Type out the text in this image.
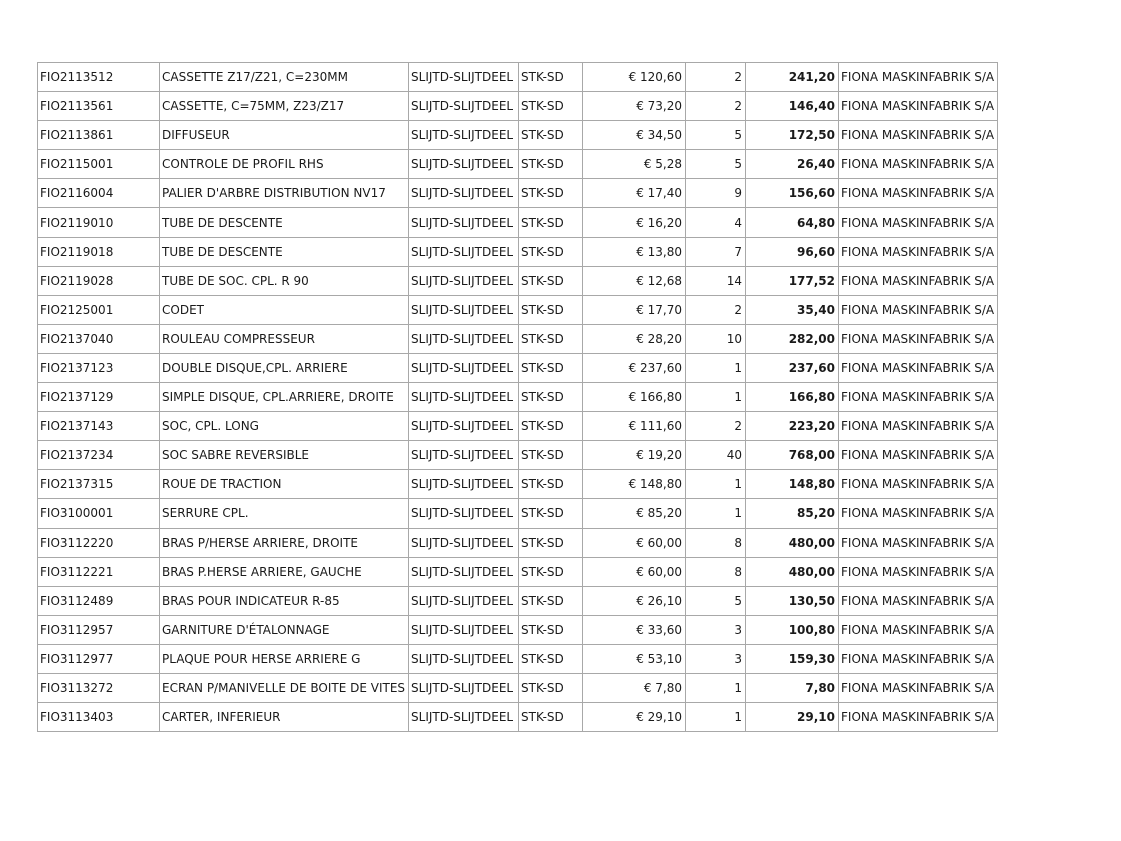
FIO2113512	CASSETTE Z17/Z21, C=230MM	SLIJTD-SLIJTDEEL	STK-SD	€ 120,60	2	241,20	FIONA MASKINFABRIK S/A
FIO2113561	CASSETTE, C=75MM, Z23/Z17	SLIJTD-SLIJTDEEL	STK-SD	€ 73,20	2	146,40	FIONA MASKINFABRIK S/A
FIO2113861	DIFFUSEUR	SLIJTD-SLIJTDEEL	STK-SD	€ 34,50	5	172,50	FIONA MASKINFABRIK S/A
FIO2115001	CONTROLE DE PROFIL RHS	SLIJTD-SLIJTDEEL	STK-SD	€ 5,28	5	26,40	FIONA MASKINFABRIK S/A
FIO2116004	PALIER D'ARBRE DISTRIBUTION NV17	SLIJTD-SLIJTDEEL	STK-SD	€ 17,40	9	156,60	FIONA MASKINFABRIK S/A
FIO2119010	TUBE DE DESCENTE	SLIJTD-SLIJTDEEL	STK-SD	€ 16,20	4	64,80	FIONA MASKINFABRIK S/A
FIO2119018	TUBE DE DESCENTE	SLIJTD-SLIJTDEEL	STK-SD	€ 13,80	7	96,60	FIONA MASKINFABRIK S/A
FIO2119028	TUBE DE SOC. CPL. R 90	SLIJTD-SLIJTDEEL	STK-SD	€ 12,68	14	177,52	FIONA MASKINFABRIK S/A
FIO2125001	CODET	SLIJTD-SLIJTDEEL	STK-SD	€ 17,70	2	35,40	FIONA MASKINFABRIK S/A
FIO2137040	ROULEAU COMPRESSEUR	SLIJTD-SLIJTDEEL	STK-SD	€ 28,20	10	282,00	FIONA MASKINFABRIK S/A
FIO2137123	DOUBLE DISQUE,CPL. ARRIERE	SLIJTD-SLIJTDEEL	STK-SD	€ 237,60	1	237,60	FIONA MASKINFABRIK S/A
FIO2137129	SIMPLE DISQUE, CPL.ARRIERE, DROITE	SLIJTD-SLIJTDEEL	STK-SD	€ 166,80	1	166,80	FIONA MASKINFABRIK S/A
FIO2137143	SOC, CPL. LONG	SLIJTD-SLIJTDEEL	STK-SD	€ 111,60	2	223,20	FIONA MASKINFABRIK S/A
FIO2137234	SOC SABRE REVERSIBLE	SLIJTD-SLIJTDEEL	STK-SD	€ 19,20	40	768,00	FIONA MASKINFABRIK S/A
FIO2137315	ROUE DE TRACTION	SLIJTD-SLIJTDEEL	STK-SD	€ 148,80	1	148,80	FIONA MASKINFABRIK S/A
FIO3100001	SERRURE CPL.	SLIJTD-SLIJTDEEL	STK-SD	€ 85,20	1	85,20	FIONA MASKINFABRIK S/A
FIO3112220	BRAS P/HERSE ARRIERE, DROITE	SLIJTD-SLIJTDEEL	STK-SD	€ 60,00	8	480,00	FIONA MASKINFABRIK S/A
FIO3112221	BRAS P.HERSE ARRIERE, GAUCHE	SLIJTD-SLIJTDEEL	STK-SD	€ 60,00	8	480,00	FIONA MASKINFABRIK S/A
FIO3112489	BRAS POUR INDICATEUR R-85	SLIJTD-SLIJTDEEL	STK-SD	€ 26,10	5	130,50	FIONA MASKINFABRIK S/A
FIO3112957	GARNITURE D'ÉTALONNAGE	SLIJTD-SLIJTDEEL	STK-SD	€ 33,60	3	100,80	FIONA MASKINFABRIK S/A
FIO3112977	PLAQUE POUR HERSE ARRIERE G	SLIJTD-SLIJTDEEL	STK-SD	€ 53,10	3	159,30	FIONA MASKINFABRIK S/A
FIO3113272	ECRAN P/MANIVELLE DE BOITE DE VITES	SLIJTD-SLIJTDEEL	STK-SD	€ 7,80	1	7,80	FIONA MASKINFABRIK S/A
FIO3113403	CARTER, INFERIEUR	SLIJTD-SLIJTDEEL	STK-SD	€ 29,10	1	29,10	FIONA MASKINFABRIK S/A
